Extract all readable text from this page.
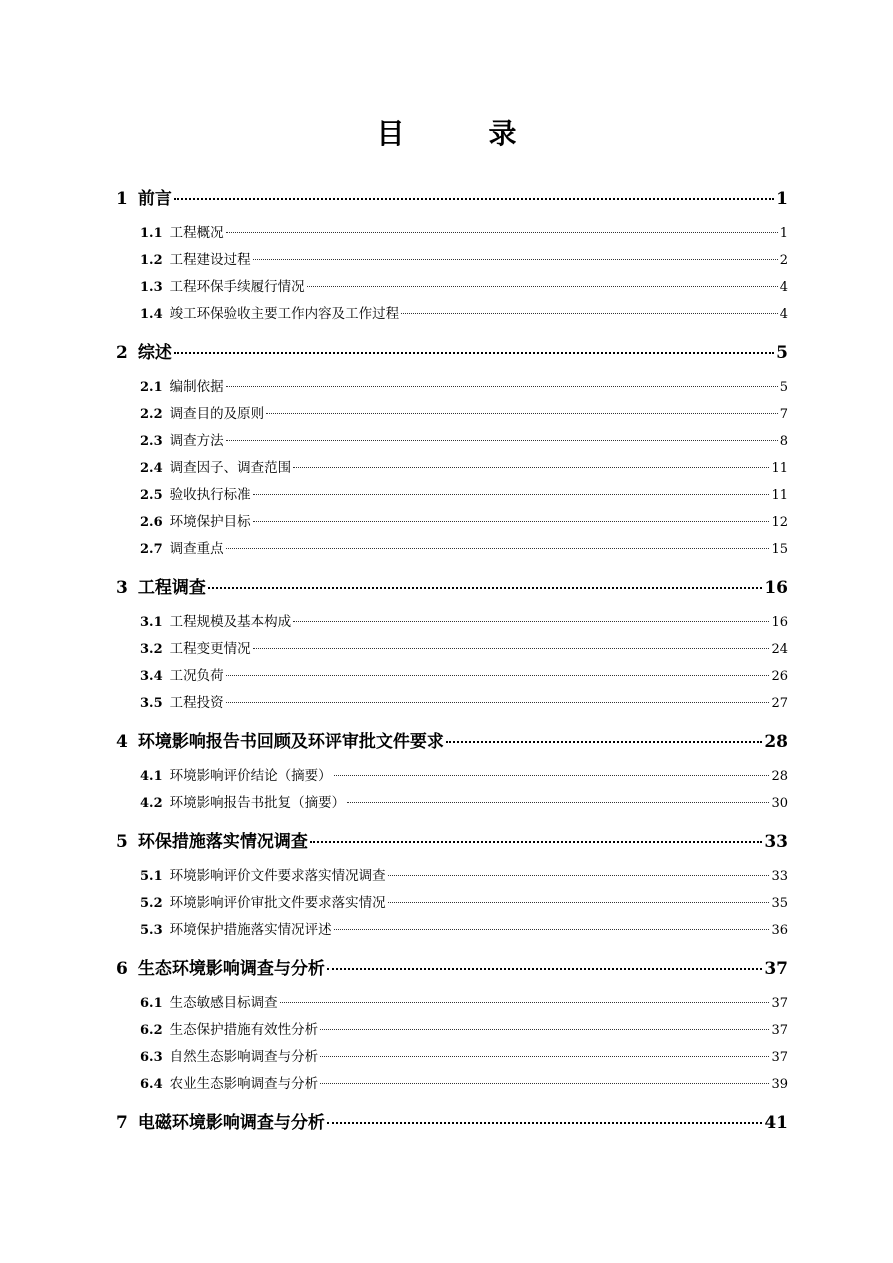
目　录
1 前言	1
1.1 工程概况	1
1.2 工程建设过程	2
1.3 工程环保手续履行情况	4
1.4 竣工环保验收主要工作内容及工作过程	4
2 综述	5
2.1 编制依据	5
2.2 调查目的及原则	7
2.3 调查方法	8
2.4 调查因子、调查范围	11
2.5 验收执行标准	11
2.6 环境保护目标	12
2.7 调查重点	15
3 工程调查	16
3.1 工程规模及基本构成	16
3.2 工程变更情况	24
3.4 工况负荷	26
3.5 工程投资	27
4 环境影响报告书回顾及环评审批文件要求	28
4.1 环境影响评价结论（摘要）	28
4.2 环境影响报告书批复（摘要）	30
5 环保措施落实情况调查	33
5.1 环境影响评价文件要求落实情况调查	33
5.2 环境影响评价审批文件要求落实情况	35
5.3 环境保护措施落实情况评述	36
6 生态环境影响调查与分析	37
6.1 生态敏感目标调查	37
6.2 生态保护措施有效性分析	37
6.3 自然生态影响调查与分析	37
6.4 农业生态影响调查与分析	39
7 电磁环境影响调查与分析	41
